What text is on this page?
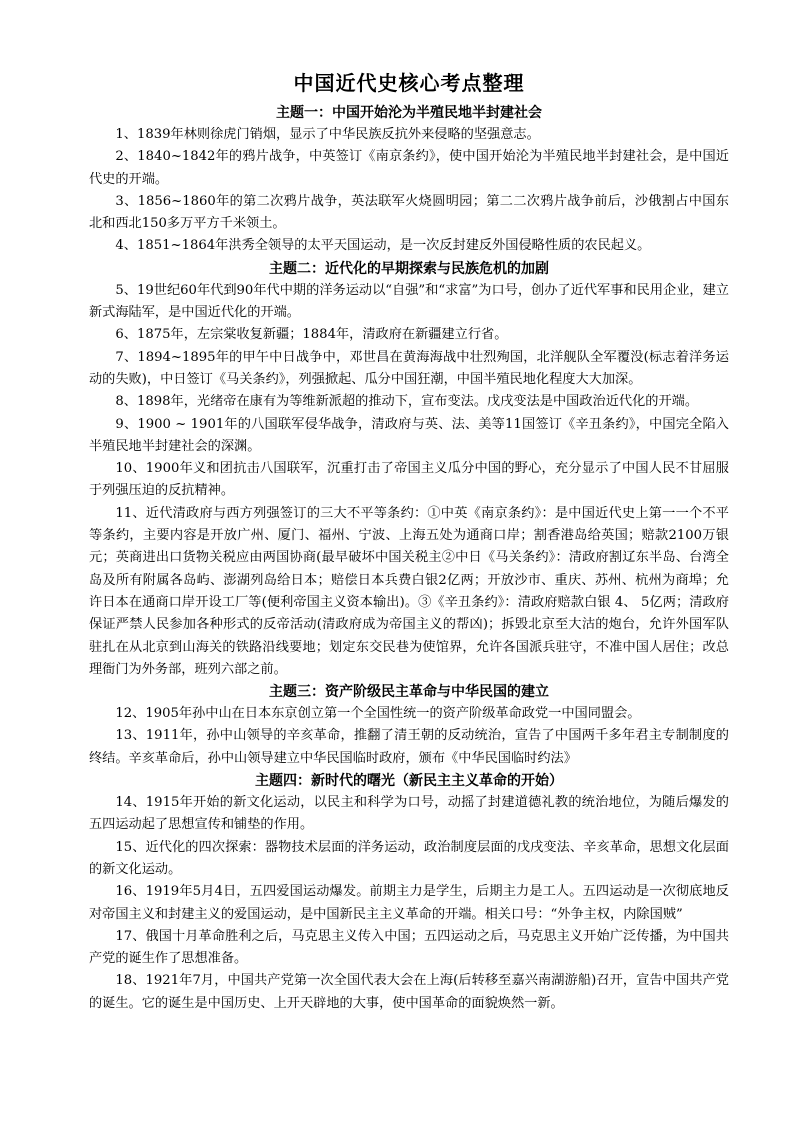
中国近代史核心考点整理
主题一：中国开始沦为半殖民地半封建社会

1、1839年林则徐虎门销烟，显示了中华民族反抗外来侵略的坚强意志。

2、1840~1842年的鸦片战争，中英签订《南京条约》，使中国开始沦为半殖民地半封建社会，是中国近代史的开端。

3、1856~1860年的第二次鸦片战争，英法联军火烧圆明园；第二二次鸦片战争前后，沙俄割占中国东北和西北150多万平方千米领土。

4、1851~1864年洪秀全领导的太平天国运动，是一次反封建反外国侵略性质的农民起义。

主题二：近代化的早期探索与民族危机的加剧

5、19世纪60年代到90年代中期的洋务运动以“自强”和“求富”为口号，创办了近代军事和民用企业，建立新式海陆军，是中国近代化的开端。

6、1875年，左宗棠收复新疆；1884年，清政府在新疆建立行省。

7、1894~1895年的甲午中日战争中，邓世昌在黄海海战中壮烈殉国，北洋舰队全军覆没(标志着洋务运动的失败)，中日签订《马关条约》，列强掀起、瓜分中国狂潮，中国半殖民地化程度大大加深。

8、1898年，光绪帝在康有为等维新派超的推动下，宣布变法。戊戌变法是中国政治近代化的开端。

9、1900 ~ 1901年的八国联军侵华战争，清政府与英、法、美等11国签订《辛丑条约》，中国完全陷入半殖民地半封建社会的深渊。

10、1900年义和团抗击八国联军，沉重打击了帝国主义瓜分中国的野心，充分显示了中国人民不甘屈服于列强压迫的反抗精神。

11、近代清政府与西方列强签订的三大不平等条约：①中英《南京条约》：是中国近代史上第一一个不平等条约，主要内容是开放广州、厦门、福州、宁波、上海五处为通商口岸；割香港岛给英国；赔款2100万银元；英商进出口货物关税应由两国协商(最早破坏中国关税主②中日《马关条约》：清政府割辽东半岛、台湾全岛及所有附属各岛屿、澎湖列岛给日本；赔偿日本兵费白银2亿两；开放沙市、重庆、苏州、杭州为商埠；允许日本在通商口岸开设工厂等(便利帝国主义资本输出)。③《辛丑条约》：清政府赔款白银 4、 5亿两；清政府保证严禁人民参加各种形式的反帝活动(清政府成为帝国主义的帮凶)；拆毁北京至大沽的炮台，允许外国军队驻扎在从北京到山海关的铁路沿线要地；划定东交民巷为使馆界，允许各国派兵驻守，不准中国人居住；改总理衙门为外务部，班列六部之前。

主题三：资产阶级民主革命与中华民国的建立

12、1905年孙中山在日本东京创立第一个全国性统一的资产阶级革命政党一中国同盟会。

13、1911年，孙中山领导的辛亥革命，推翻了清王朝的反动统治，宣告了中国两千多年君主专制制度的终结。辛亥革命后，孙中山领导建立中华民国临时政府，颁布《中华民国临时约法》

主题四：新时代的曙光（新民主主义革命的开始）

14、1915年开始的新文化运动，以民主和科学为口号，动摇了封建道德礼教的统治地位，为随后爆发的五四运动起了思想宣传和铺垫的作用。

15、近代化的四次探索：器物技术层面的洋务运动，政治制度层面的戊戌变法、辛亥革命，思想文化层面的新文化运动。

16、1919年5月4日，五四爱国运动爆发。前期主力是学生，后期主力是工人。五四运动是一次彻底地反对帝国主义和封建主义的爱国运动，是中国新民主主义革命的开端。相关口号：“外争主权，内除国贼”

17、俄国十月革命胜利之后，马克思主义传入中国；五四运动之后，马克思主义开始广泛传播，为中国共产党的诞生作了思想准备。

18、1921年7月，中国共产党第一次全国代表大会在上海(后转移至嘉兴南湖游船)召开，宣告中国共产党的诞生。它的诞生是中国历史、上开天辟地的大事，使中国革命的面貌焕然一新。
